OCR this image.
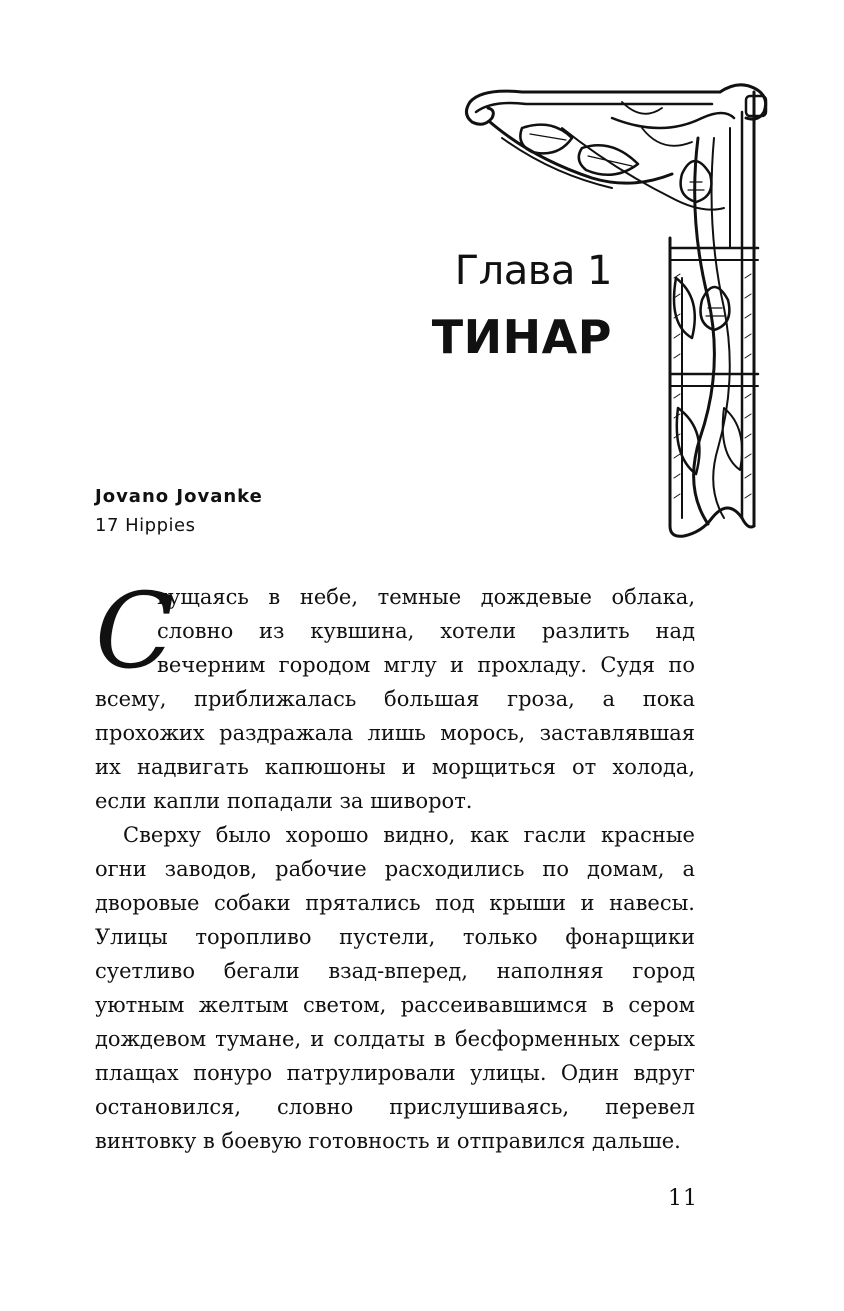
Глава 1
ТИНАР
Jovano Jovanke
17 Hippies

С
гущаясь в небе, темные дождевые облака, словно из кувшина, хотели разлить над вечерним городом мглу и прохладу. Судя по всему, приближалась большая гроза, а пока прохожих раздражала лишь морось, заставлявшая их надвигать капюшоны и морщиться от холода, если капли попадали за шиворот.

Сверху было хорошо видно, как гасли красные огни заводов, рабочие расходились по домам, а дворовые собаки прятались под крыши и навесы. Улицы торопливо пустели, только фонарщики суетливо бегали взад-вперед, наполняя город уютным желтым светом, рассеивавшимся в сером дождевом тумане, и солдаты в бесформенных серых плащах понуро патрулировали улицы. Один вдруг остановился, словно прислушиваясь, перевел винтовку в боевую готовность и отправился дальше.

11
